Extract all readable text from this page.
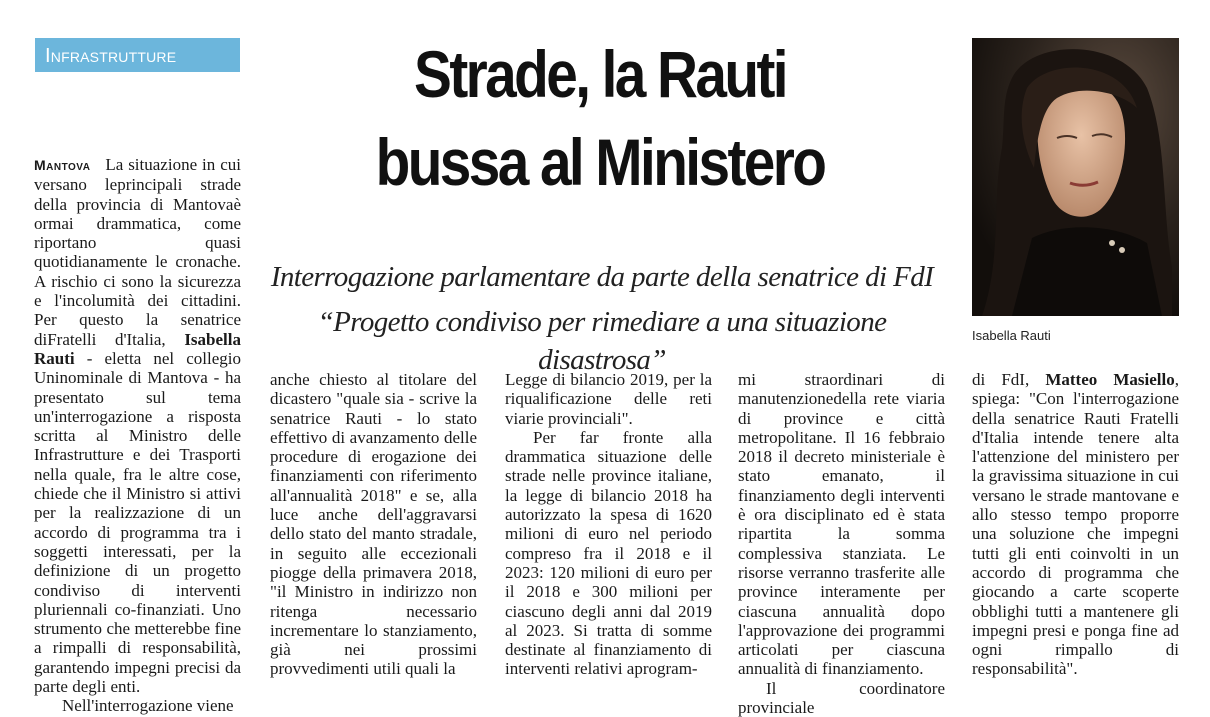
Infrastrutture	Strade, la Rauti
bussa al Ministero
Interrogazione parlamentare da parte della senatrice di FdI
“Progetto condiviso per rimediare a una situazione disastrosa”
Isabella Rauti

Mantova La situazione in cui versano leprincipali strade della provincia di Mantovaè ormai drammatica, come riportano quasi quotidianamente le cronache. A rischio ci sono la sicurezza e l'incolumità dei cittadini. Per questo la senatrice diFratelli d'Italia, Isabella Rauti - eletta nel collegio Uninominale di Mantova - ha presentato sul tema un'interrogazione a risposta scritta al Ministro delle Infrastrutture e dei Trasporti nella quale, fra le altre cose, chiede che il Ministro si attivi per la realizzazione di un accordo di programma tra i soggetti interessati, per la definizione di un progetto condiviso di interventi pluriennali co-finanziati. Uno strumento che metterebbe fine a rimpalli di responsabilità, garantendo impegni precisi da parte degli enti.

Nell'interrogazione viene

anche chiesto al titolare del dicastero "quale sia - scrive la senatrice Rauti - lo stato effettivo di avanzamento delle procedure di erogazione dei finanziamenti con riferimento all'annualità 2018" e se, alla luce anche dell'aggravarsi dello stato del manto stradale, in seguito alle eccezionali piogge della primavera 2018, "il Ministro in indirizzo non ritenga necessario incrementare lo stanziamento, già nei prossimi provvedimenti utili quali la

Legge di bilancio 2019, per la riqualificazione delle reti viarie provinciali".

Per far fronte alla drammatica situazione delle strade nelle province italiane, la legge di bilancio 2018 ha autorizzato la spesa di 1620 milioni di euro nel periodo compreso fra il 2018 e il 2023: 120 milioni di euro per il 2018 e 300 milioni per ciascuno degli anni dal 2019 al 2023. Si tratta di somme destinate al finanziamento di interventi relativi aprogram-

mi straordinari di manutenzionedella rete viaria di province e città metropolitane. Il 16 febbraio 2018 il decreto ministeriale è stato emanato, il finanziamento degli interventi è ora disciplinato ed è stata ripartita la somma complessiva stanziata. Le risorse verranno trasferite alle province interamente per ciascuna annualità dopo l'approvazione dei programmi articolati per ciascuna annualità di finanziamento.

Il coordinatore provinciale

di FdI, Matteo Masiello, spiega: "Con l'interrogazione della senatrice Rauti Fratelli d'Italia intende tenere alta l'attenzione del ministero per la gravissima situazione in cui versano le strade mantovane e allo stesso tempo proporre una soluzione che impegni tutti gli enti coinvolti in un accordo di programma che giocando a carte scoperte obblighi tutti a mantenere gli impegni presi e ponga fine ad ogni rimpallo di responsabilità".
